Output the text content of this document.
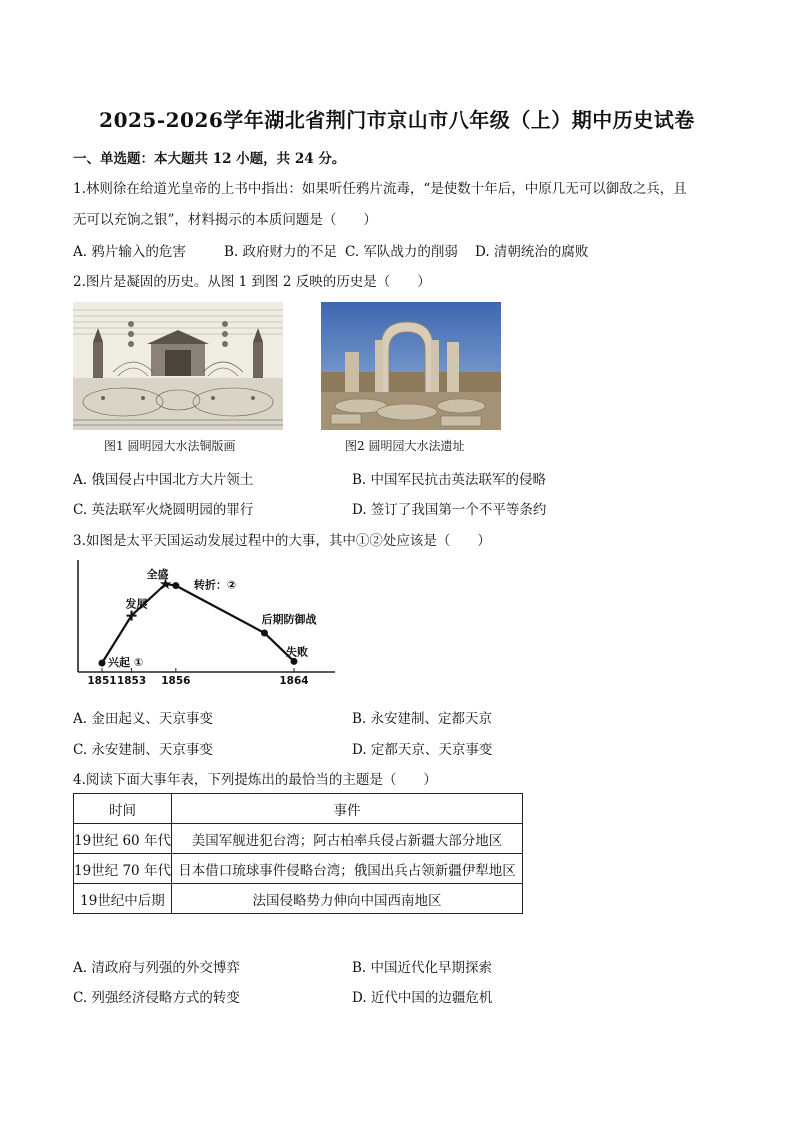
2025-2026学年湖北省荆门市京山市八年级（上）期中历史试卷
一、单选题：本大题共 12 小题，共 24 分。
1.林则徐在给道光皇帝的上书中指出：如果听任鸦片流毒，“是使数十年后，中原几无可以御敌之兵，且
无可以充饷之银”，材料揭示的本质问题是（　　）
A. 鸦片输入的危害	B. 政府财力的不足 C. 军队战力的削弱 D. 清朝统治的腐败
2.图片是凝固的历史。从图 1 到图 2 反映的历史是（　　）
图1 圆明园大水法铜版画	图2 圆明园大水法遗址
A. 俄国侵占中国北方大片领土	B. 中国军民抗击英法联军的侵略
C. 英法联军火烧圆明园的罪行	D. 签订了我国第一个不平等条约
3.如图是太平天国运动发展过程中的大事，其中①②处应该是（　　）
★
兴起 ①
发展
全盛
转折：②
后期防御战
失败
1851 1853 1856	1864
A. 金田起义、天京事变	B. 永安建制、定都天京
C. 永安建制、天京事变	D. 定都天京、天京事变
4.阅读下面大事年表，下列提炼出的最恰当的主题是（　　）
时间	事件
19世纪 60 年代	美国军舰进犯台湾；阿古柏率兵侵占新疆大部分地区
19世纪 70 年代	日本借口琉球事件侵略台湾；俄国出兵占领新疆伊犁地区
19世纪中后期	法国侵略势力伸向中国西南地区
A. 清政府与列强的外交博弈	B. 中国近代化早期探索
C. 列强经济侵略方式的转变	D. 近代中国的边疆危机
